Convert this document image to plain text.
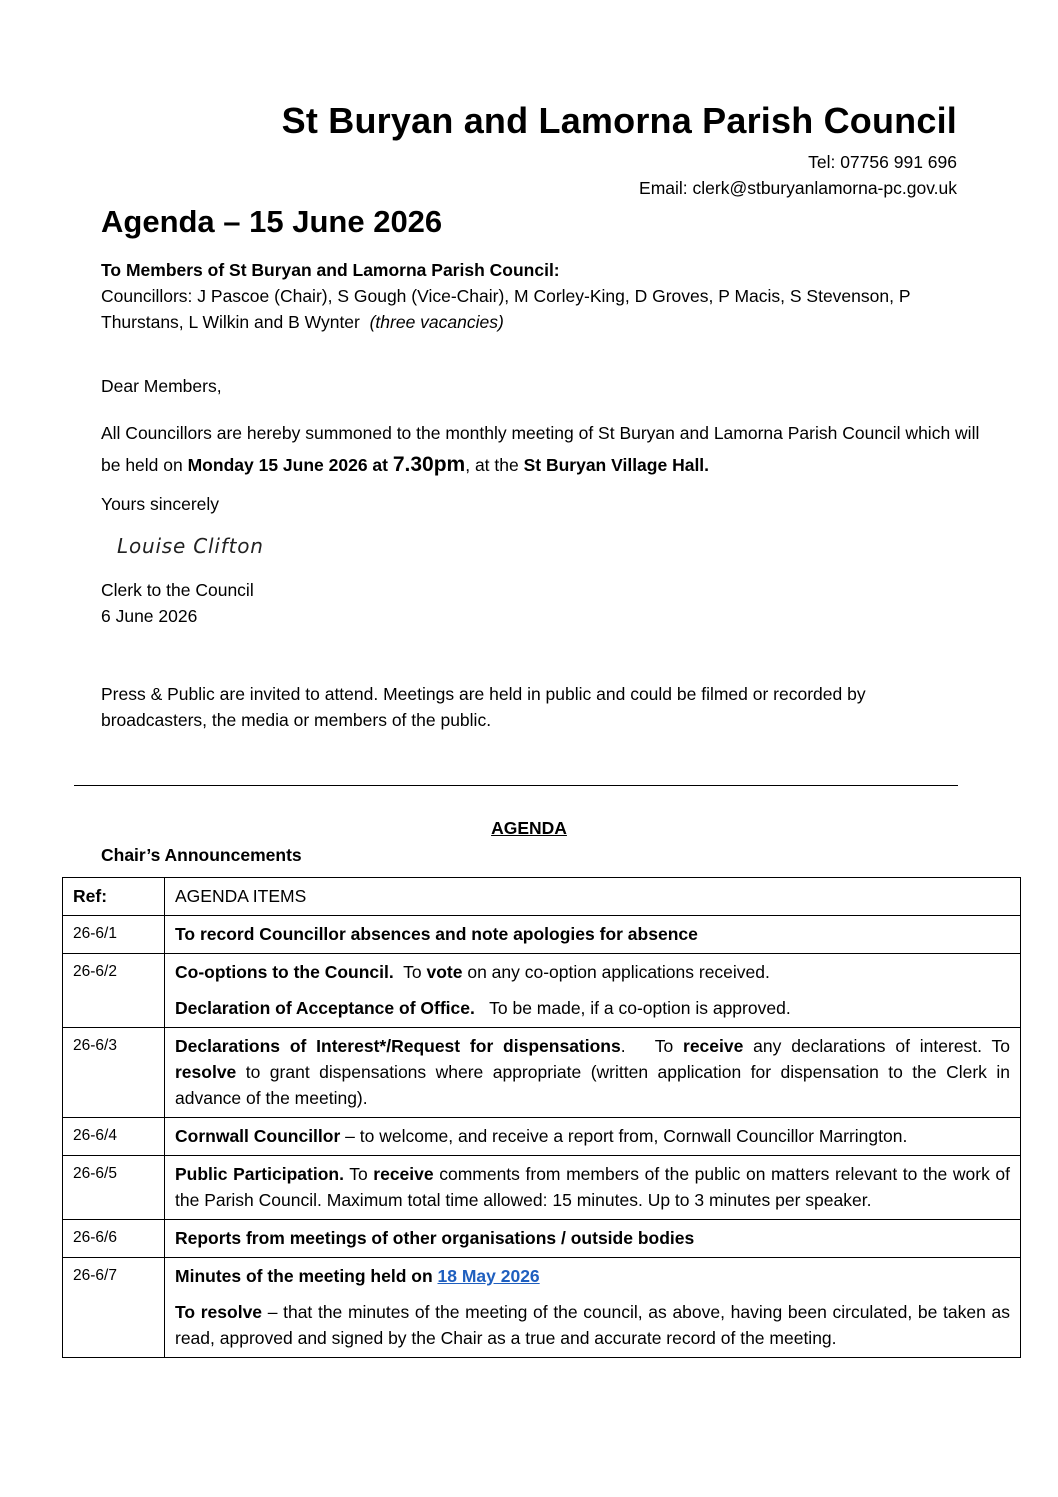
St Buryan and Lamorna Parish Council
Tel: 07756 991 696
Email: clerk@stburyanlamorna-pc.gov.uk
Agenda – 15 June 2026
To Members of St Buryan and Lamorna Parish Council:
Councillors: J Pascoe (Chair), S Gough (Vice-Chair), M Corley-King, D Groves, P Macis, S Stevenson, P Thurstans, L Wilkin and B Wynter (three vacancies)
Dear Members,
All Councillors are hereby summoned to the monthly meeting of St Buryan and Lamorna Parish Council which will be held on Monday 15 June 2026 at 7.30pm, at the St Buryan Village Hall.
Yours sincerely
Louise Clifton
Clerk to the Council
6 June 2026
Press & Public are invited to attend. Meetings are held in public and could be filmed or recorded by broadcasters, the media or members of the public.
AGENDA
Chair’s Announcements
Ref:	AGENDA ITEMS
26-6/1	To record Councillor absences and note apologies for absence
26-6/2	Co-options to the Council.  To vote on any co-option applications received.
Declaration of Acceptance of Office.   To be made, if a co-option is approved.

26-6/3	Declarations of Interest*/Request for dispensations.   To receive any declarations of interest. To resolve to grant dispensations where appropriate (written application for dispensation to the Clerk in advance of the meeting).
26-6/4	Cornwall Councillor – to welcome, and receive a report from, Cornwall Councillor Marrington.
26-6/5	Public Participation. To receive comments from members of the public on matters relevant to the work of the Parish Council. Maximum total time allowed: 15 minutes. Up to 3 minutes per speaker.
26-6/6	Reports from meetings of other organisations / outside bodies
26-6/7	Minutes of the meeting held on 18 May 2026
To resolve – that the minutes of the meeting of the council, as above, having been circulated, be taken as read, approved and signed by the Chair as a true and accurate record of the meeting.
